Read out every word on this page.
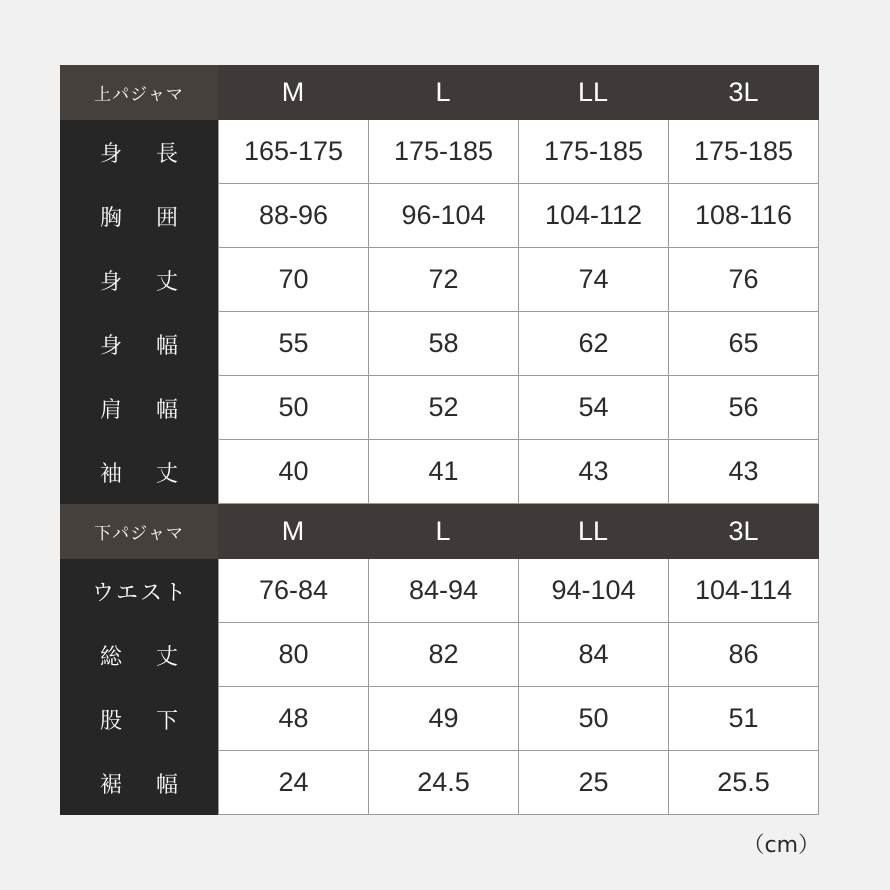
上パジャマ	M	L	LL	3L
身　長	165-175	175-185	175-185	175-185
胸　囲	88-96	96-104	104-112	108-116
身　丈	70	72	74	76
身　幅	55	58	62	65
肩　幅	50	52	54	56
袖　丈	40	41	43	43
下パジャマ	M	L	LL	3L
ウエスト	76-84	84-94	94-104	104-114
総　丈	80	82	84	86
股　下	48	49	50	51
裾　幅	24	24.5	25	25.5
（cm）
